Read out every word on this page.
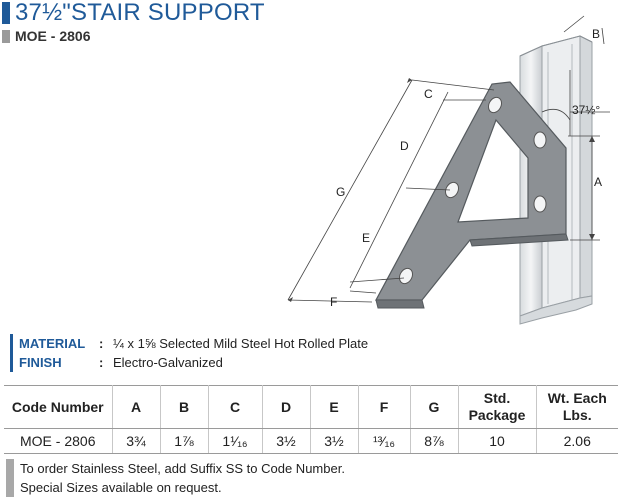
37½"STAIR SUPPORT
MOE - 2806	B
37½°
C
D
G
A
E
F
MATERIAL	: ¼ x 1⅝ Selected Mild Steel Hot Rolled Plate
FINISH	: Electro-Galvanized
Code Number	A	B	C	D	E	F	G	Std. Package	Wt. Each Lbs.
MOE - 2806	3¾	1⅞	1¹⁄₁₆	3½	3½	¹³⁄₁₆	8⅞	10	2.06
To order Stainless Steel, add Suffix SS to Code Number.
Special Sizes available on request.
